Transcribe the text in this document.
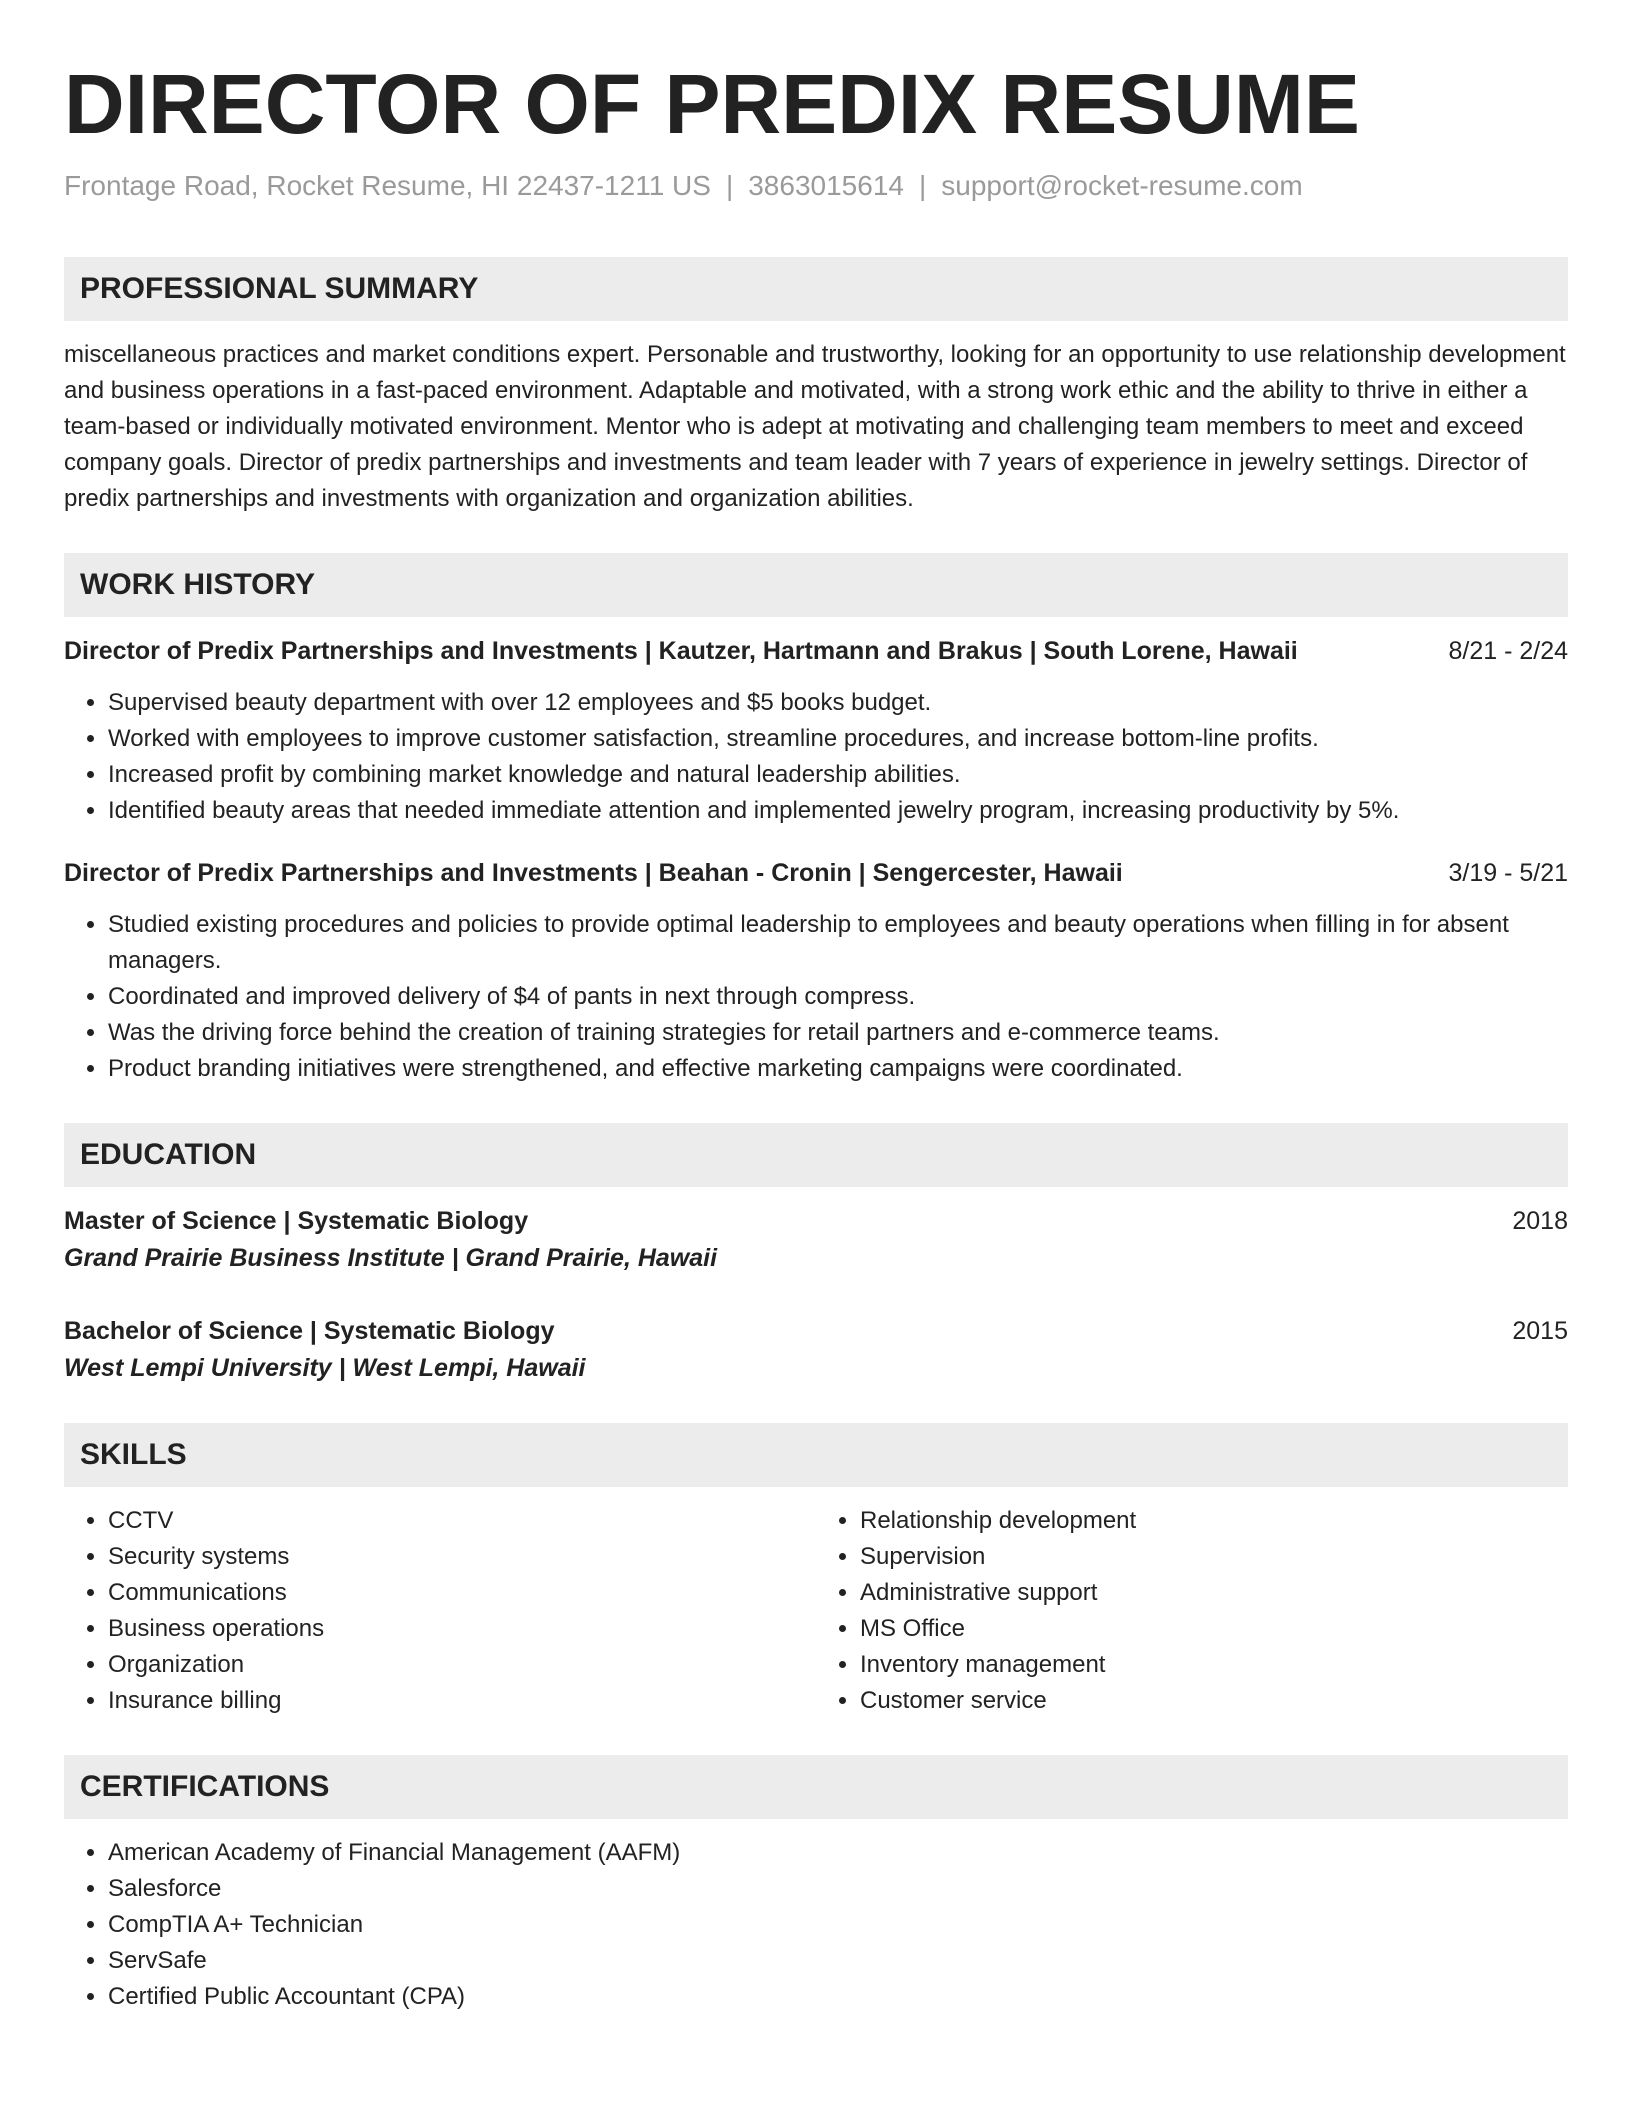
DIRECTOR OF PREDIX RESUME
Frontage Road, Rocket Resume, HI 22437-1211 US | 3863015614 | support@rocket-resume.com
PROFESSIONAL SUMMARY
miscellaneous practices and market conditions expert. Personable and trustworthy, looking for an opportunity to use relationship development and business operations in a fast-paced environment. Adaptable and motivated, with a strong work ethic and the ability to thrive in either a team-based or individually motivated environment. Mentor who is adept at motivating and challenging team members to meet and exceed company goals. Director of predix partnerships and investments and team leader with 7 years of experience in jewelry settings. Director of predix partnerships and investments with organization and organization abilities.
WORK HISTORY
Director of Predix Partnerships and Investments | Kautzer, Hartmann and Brakus | South Lorene, Hawaii	8/21 - 2/24
• Supervised beauty department with over 12 employees and $5 books budget.
• Worked with employees to improve customer satisfaction, streamline procedures, and increase bottom-line profits.
• Increased profit by combining market knowledge and natural leadership abilities.
• Identified beauty areas that needed immediate attention and implemented jewelry program, increasing productivity by 5%.
Director of Predix Partnerships and Investments | Beahan - Cronin | Sengercester, Hawaii	3/19 - 5/21
• Studied existing procedures and policies to provide optimal leadership to employees and beauty operations when filling in for absent managers.
• Coordinated and improved delivery of $4 of pants in next through compress.
• Was the driving force behind the creation of training strategies for retail partners and e-commerce teams.
• Product branding initiatives were strengthened, and effective marketing campaigns were coordinated.
EDUCATION
Master of Science | Systematic Biology	2018
Grand Prairie Business Institute | Grand Prairie, Hawaii
Bachelor of Science | Systematic Biology	2015
West Lempi University | West Lempi, Hawaii
SKILLS
• CCTV
• Security systems
• Communications
• Business operations
• Organization
• Insurance billing
• Relationship development
• Supervision
• Administrative support
• MS Office
• Inventory management
• Customer service
CERTIFICATIONS
• American Academy of Financial Management (AAFM)
• Salesforce
• CompTIA A+ Technician
• ServSafe
• Certified Public Accountant (CPA)
